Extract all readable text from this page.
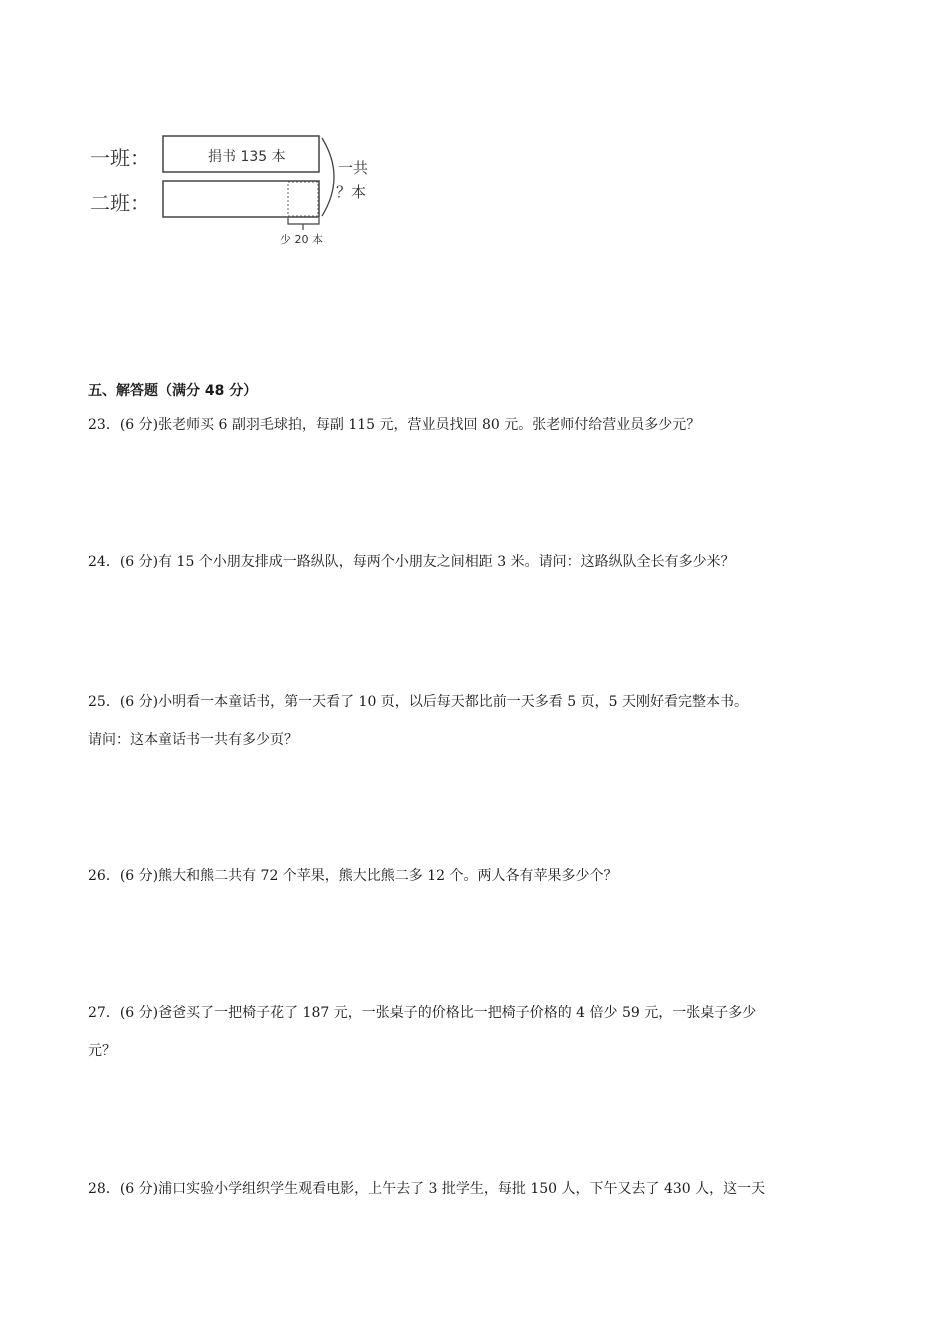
一班：
二班：
捐书 135 本
一共
？本
少 20 本
五、解答题（满分 48 分）
23．(6 分)张老师买 6 副羽毛球拍，每副 115 元，营业员找回 80 元。张老师付给营业员多少元？
24．(6 分)有 15 个小朋友排成一路纵队，每两个小朋友之间相距 3 米。请问：这路纵队全长有多少米？
25．(6 分)小明看一本童话书，第一天看了 10 页，以后每天都比前一天多看 5 页，5 天刚好看完整本书。
请问：这本童话书一共有多少页？
26．(6 分)熊大和熊二共有 72 个苹果，熊大比熊二多 12 个。两人各有苹果多少个？
27．(6 分)爸爸买了一把椅子花了 187 元，一张桌子的价格比一把椅子价格的 4 倍少 59 元，一张桌子多少
元？
28．(6 分)浦口实验小学组织学生观看电影，上午去了 3 批学生，每批 150 人，下午又去了 430 人，这一天
